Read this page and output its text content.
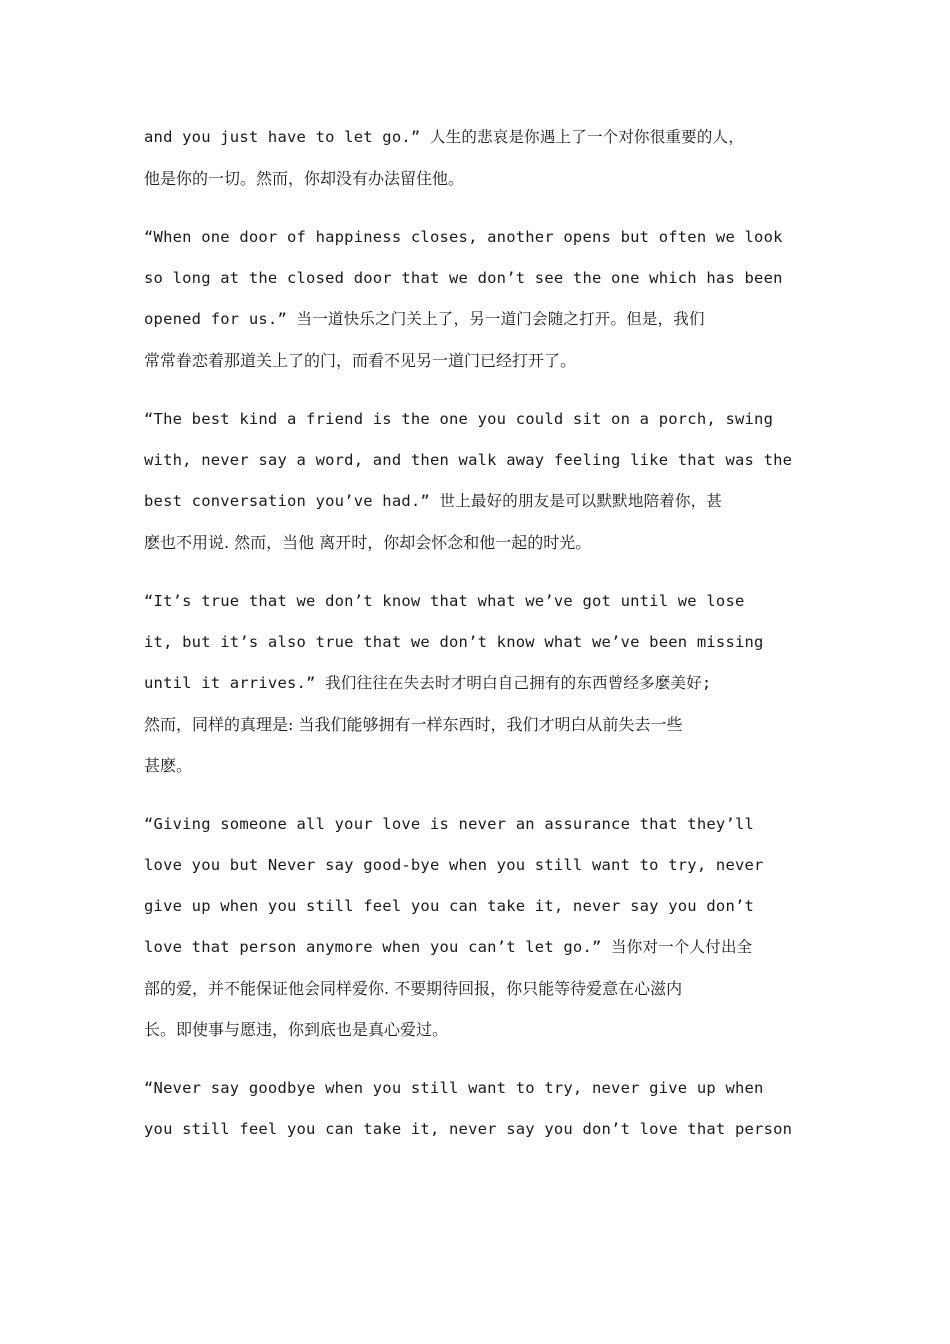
and you just have to let go.” 人生的悲哀是你遇上了一个对你很重要的人，
他是你的一切。然而，你却没有办法留住他。
“When one door of happiness closes, another opens but often we look
so long at the closed door that we don’t see the one which has been
opened for us.” 当一道快乐之门关上了，另一道门会随之打开。但是，我们
常常眷恋着那道关上了的门，而看不见另一道门已经打开了。
“The best kind a friend is the one you could sit on a porch, swing
with, never say a word, and then walk away feeling like that was the
best conversation you’ve had.” 世上最好的朋友是可以默默地陪着你，甚
麽也不用说. 然而，当他 离开时，你却会怀念和他一起的时光。
“It’s true that we don’t know that what we’ve got until we lose
it, but it’s also true that we don’t know what we’ve been missing
until it arrives.” 我们往往在失去时才明白自己拥有的东西曾经多麼美好;
然而，同样的真理是: 当我们能够拥有一样东西时，我们才明白从前失去一些
甚麽。
“Giving someone all your love is never an assurance that they’ll
love you but Never say good-bye when you still want to try, never
give up when you still feel you can take it, never say you don’t
love that person anymore when you can’t let go.” 当你对一个人付出全
部的爱，并不能保证他会同样爱你. 不要期待回报，你只能等待爱意在心滋内
长。即使事与愿违，你到底也是真心爱过。
“Never say goodbye when you still want to try, never give up when
you still feel you can take it, never say you don’t love that person
